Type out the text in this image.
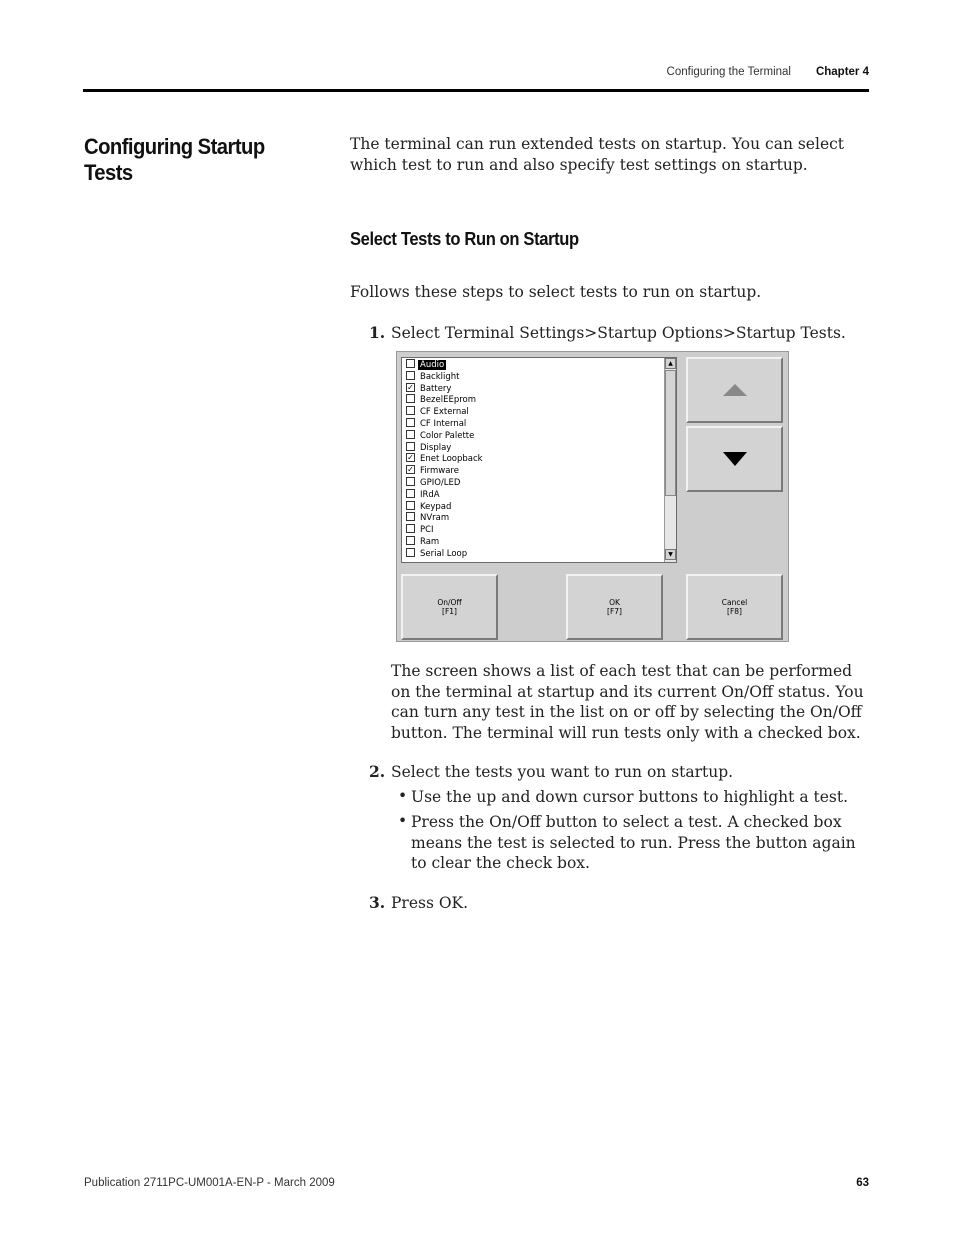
Configuring the Terminal Chapter 4
Configuring Startup Tests
The terminal can run extended tests on startup. You can select which test to run and also specify test settings on startup.
Select Tests to Run on Startup
Follows these steps to select tests to run on startup.
1. Select Terminal Settings>Startup Options>Startup Tests.
Serial Loop
Ram
PCI
NVram
Keypad
IRdA
GPIO/LED
✓ Firmware
✓ Enet Loopback
Display
Color Palette
CF Internal
CF External
BezelEEprom
✓ Battery
Backlight
Audio	▲
▼
On/Off
[F1]
OK
[F7]
Cancel
[F8]
The screen shows a list of each test that can be performed on the terminal at startup and its current On/Off status. You can turn any test in the list on or off by selecting the On/Off button. The terminal will run tests only with a checked box.
2. Select the tests you want to run on startup.
• Use the up and down cursor buttons to highlight a test.
• Press the On/Off button to select a test. A checked box means the test is selected to run. Press the button again to clear the check box.
3. Press OK.
Publication 2711PC-UM001A-EN-P - March 2009	63
